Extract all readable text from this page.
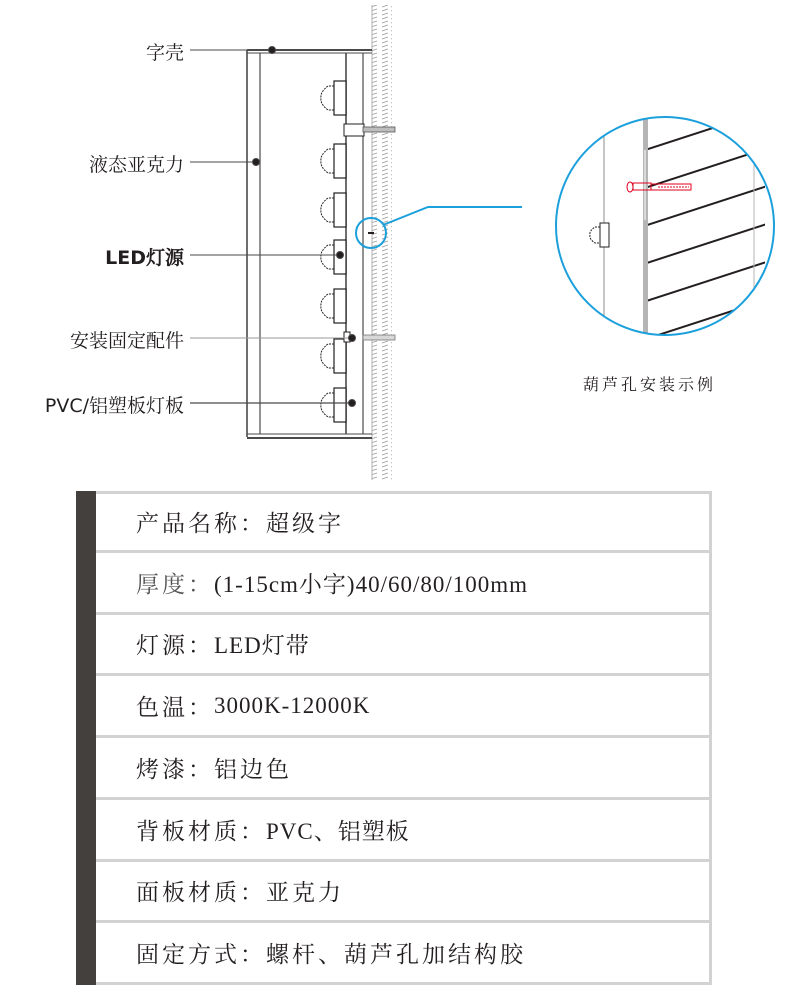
字壳
液态亚克力
LED灯源
安装固定配件
PVC/铝塑板灯板
葫芦孔安装示例
产品名称： 超级字
厚度： (1-15cm小字)40/60/80/100mm
灯源： LED灯带
色温： 3000K-12000K
烤漆： 铝边色
背板材质： PVC、铝塑板
面板材质： 亚克力
固定方式： 螺杆、葫芦孔加结构胶
